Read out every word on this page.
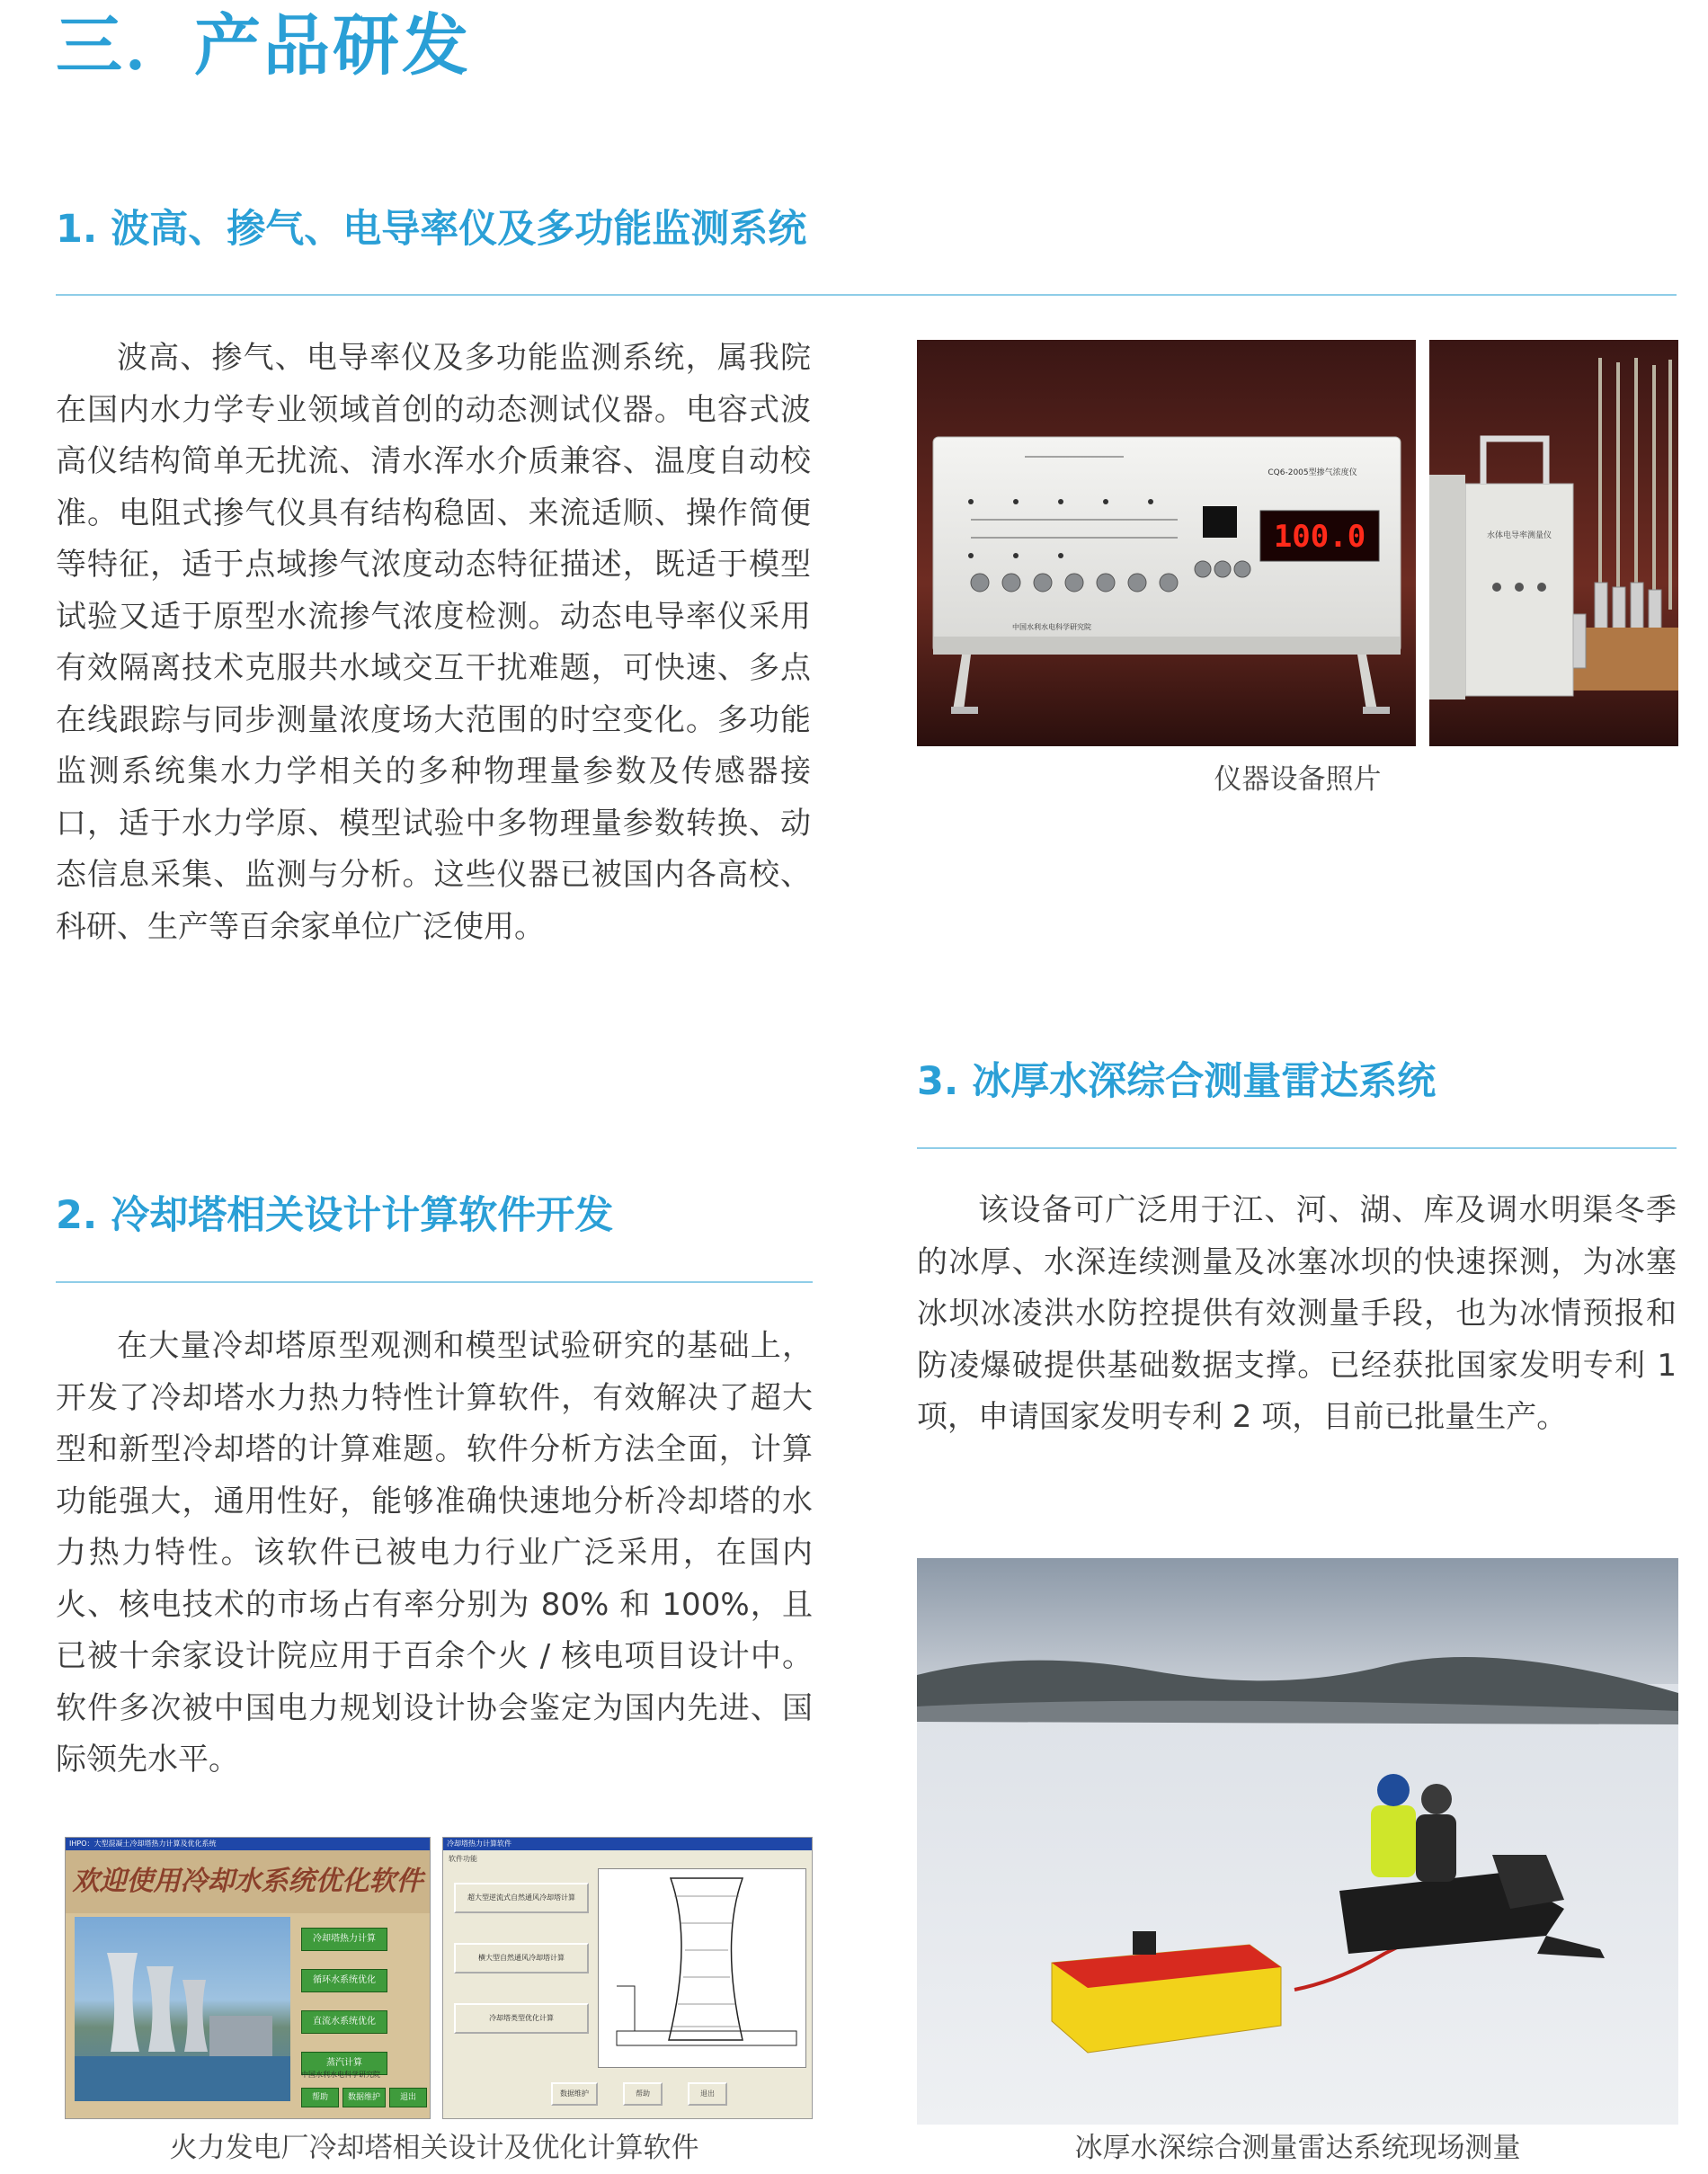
三．产品研发
1. 波高、掺气、电导率仪及多功能监测系统

波高、掺气、电导率仪及多功能监测系统，属我院在国内水力学专业领域首创的动态测试仪器。电容式波高仪结构简单无扰流、清水浑水介质兼容、温度自动校准。电阻式掺气仪具有结构稳固、来流适顺、操作简便等特征，适于点域掺气浓度动态特征描述，既适于模型试验又适于原型水流掺气浓度检测。动态电导率仪采用有效隔离技术克服共水域交互干扰难题，可快速、多点在线跟踪与同步测量浓度场大范围的时空变化。多功能监测系统集水力学相关的多种物理量参数及传感器接口，适于水力学原、模型试验中多物理量参数转换、动态信息采集、监测与分析。这些仪器已被国内各高校、科研、生产等百余家单位广泛使用。

100.0
CQ6-2005型掺气浓度仪
中国水利水电科学研究院
水体电导率测量仪
仪器设备照片
3. 冰厚水深综合测量雷达系统

该设备可广泛用于江、河、湖、库及调水明渠冬季的冰厚、水深连续测量及冰塞冰坝的快速探测，为冰塞冰坝冰凌洪水防控提供有效测量手段，也为冰情预报和防凌爆破提供基础数据支撑。已经获批国家发明专利 1 项，申请国家发明专利 2 项，目前已批量生产。

冰厚水深综合测量雷达系统现场测量
2. 冷却塔相关设计计算软件开发

在大量冷却塔原型观测和模型试验研究的基础上，开发了冷却塔水力热力特性计算软件，有效解决了超大型和新型冷却塔的计算难题。软件分析方法全面，计算功能强大，通用性好，能够准确快速地分析冷却塔的水力热力特性。该软件已被电力行业广泛采用，在国内火、核电技术的市场占有率分别为 80% 和 100%，且已被十余家设计院应用于百余个火 / 核电项目设计中。软件多次被中国电力规划设计协会鉴定为国内先进、国际领先水平。

IHPO：大型混凝土冷却塔热力计算及优化系统
欢迎使用冷却水系统优化软件
冷却塔热力计算
循环水系统优化
直流水系统优化
蒸汽计算
帮助	数据维护	退出
中国水利水电科学研究院
冷却塔热力计算软件
软件功能
超大型逆流式自然通风冷却塔计算
横大型自然通风冷却塔计算
冷却塔类型优化计算
数据维护	帮助	退出
火力发电厂冷却塔相关设计及优化计算软件
